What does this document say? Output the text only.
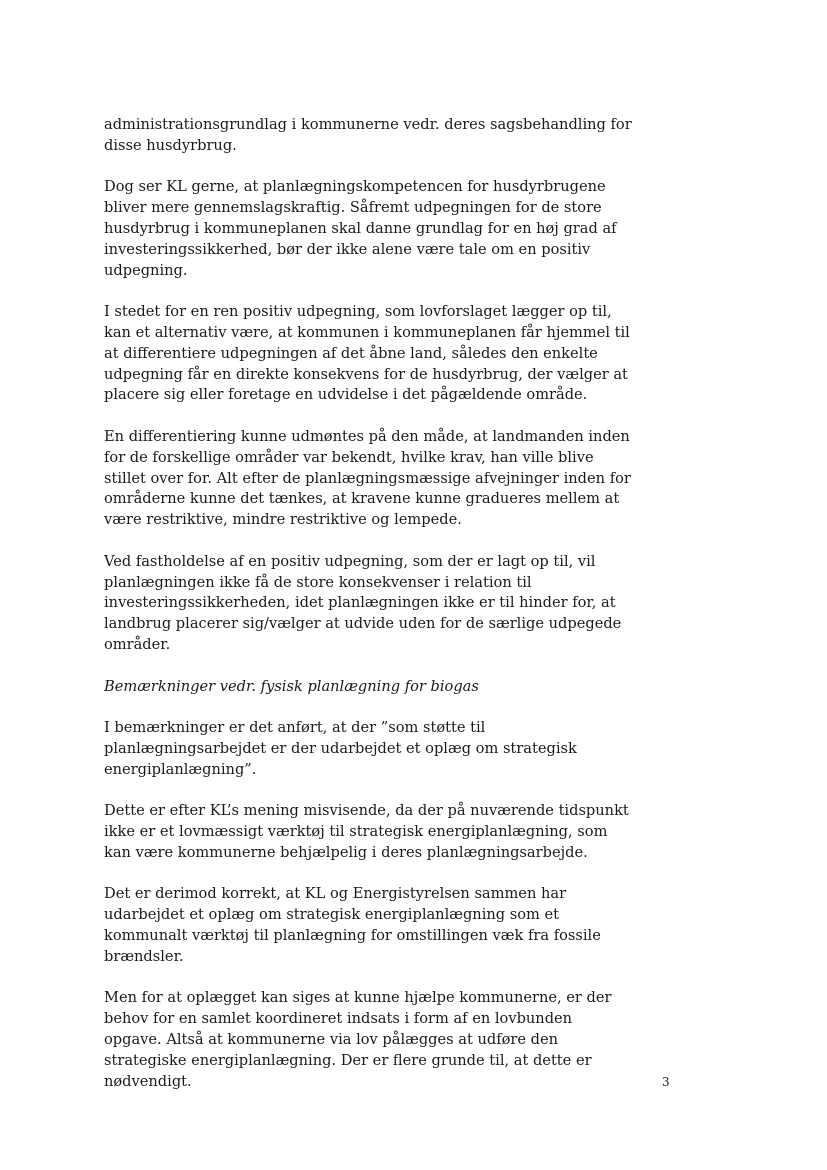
administrationsgrundlag i kommunerne vedr. deres sagsbehandling for disse husdyrbrug.

Dog ser KL gerne, at planlægningskompetencen for husdyrbrugene bliver mere gennemslagskraftig. Såfremt udpegningen for de store husdyrbrug i kommuneplanen skal danne grundlag for en høj grad af investeringssikkerhed, bør der ikke alene være tale om en positiv udpegning.

I stedet for en ren positiv udpegning, som lovforslaget lægger op til, kan et alternativ være, at kommunen i kommuneplanen får hjemmel til at differentiere udpegningen af det åbne land, således den enkelte udpegning får en direkte konsekvens for de husdyrbrug, der vælger at placere sig eller foretage en udvidelse i det pågældende område.

En differentiering kunne udmøntes på den måde, at landmanden inden for de forskellige områder var bekendt, hvilke krav, han ville blive stillet over for. Alt efter de planlægningsmæssige afvejninger inden for områderne kunne det tænkes, at kravene kunne gradueres mellem at være restriktive, mindre restriktive og lempede.

Ved fastholdelse af en positiv udpegning, som der er lagt op til, vil planlægningen ikke få de store konsekvenser i relation til investeringssikkerheden, idet planlægningen ikke er til hinder for, at landbrug placerer sig/vælger at udvide uden for de særlige udpegede områder.

Bemærkninger vedr. fysisk planlægning for biogas

I bemærkninger er det anført, at der ”som støtte til planlægningsarbejdet er der udarbejdet et oplæg om strategisk energiplanlægning”.

Dette er efter KL’s mening misvisende, da der på nuværende tidspunkt ikke er et lovmæssigt værktøj til strategisk energiplanlægning, som kan være kommunerne behjælpelig i deres planlægningsarbejde.

Det er derimod korrekt, at KL og Energistyrelsen sammen har udarbejdet et oplæg om strategisk energiplanlægning som et kommunalt værktøj til planlægning for omstillingen væk fra fossile brændsler.

Men for at oplægget kan siges at kunne hjælpe kommunerne, er der behov for en samlet koordineret indsats i form af en lovbunden opgave. Altså at kommunerne via lov pålægges at udføre den strategiske energiplanlægning. Der er flere grunde til, at dette er nødvendigt.	3
